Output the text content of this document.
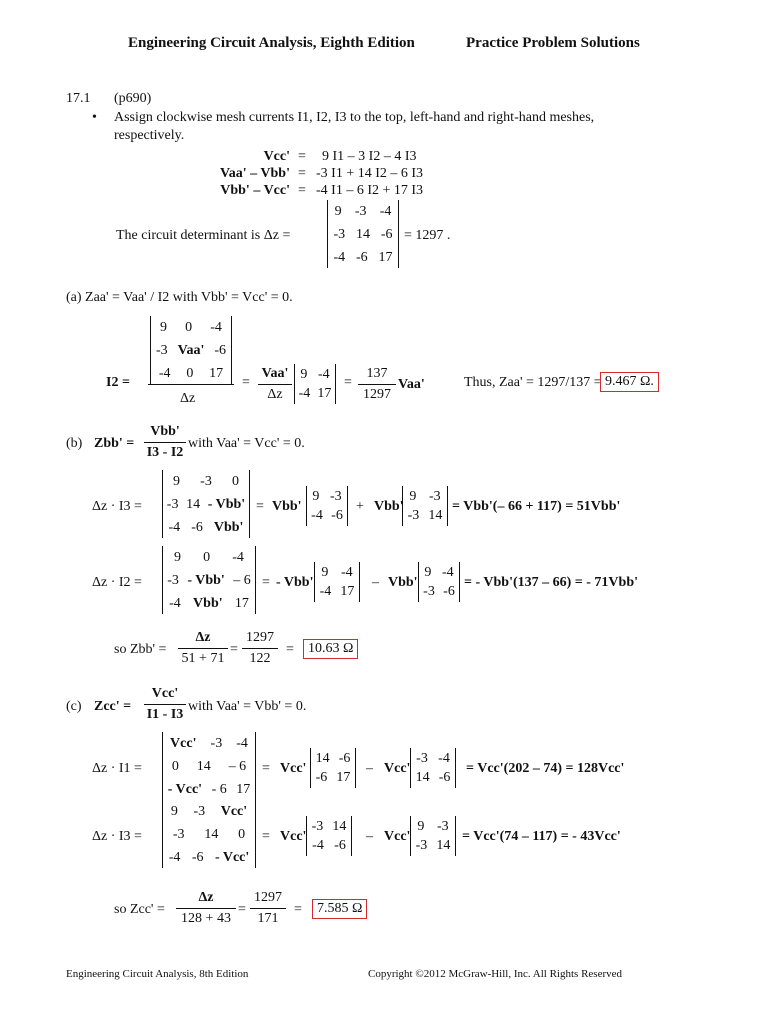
Engineering Circuit Analysis, Eighth Edition	Practice Problem Solutions
17.1 (p690)
• Assign clockwise mesh currents I1, I2, I3 to the top, left-hand and right-hand meshes,
respectively.
Vcc' = 9 I1 – 3 I2 – 4 I3
Vaa' – Vbb' = -3 I1 + 14 I2 – 6 I3
Vbb' – Vcc' = -4 I1 – 6 I2 + 17 I3
The circuit determinant is Δz =
9 -3 -4
-3 14 -6
-4 -6 17
= 1297 .
(a) Zaa' = Vaa' / I2 with Vbb' = Vcc' = 0.
I2 =
9 0 -4
-3 Vaa' -6
-4 0 17
Δz
=
Vaa'
Δz
9 -4
-4 17
= $\frac{137}{1297} Vaa'$	Thus, Zaa' = 1297/137 = 9.467 Ω.
(b) Zbb' =
Vbb'
I3 - I2
with Vaa' = Vcc' = 0.
Δz · I3 =
9 -3 0
-3 14 - Vbb'
-4 -6 Vbb'
= Vbb'
9 -3
-4 -6
+ Vbb'
9 -3
-3 14
= Vbb'(– 66 + 117) = 51Vbb'
Δz · I2 =
9 0 -4
-3 - Vbb' – 6
-4 Vbb' 17
= - Vbb'
9 -4
-4 17
– Vbb'
9 -4
-3 -6
= - Vbb'(137 – 66) = - 71Vbb'
so $Zbb' = \frac{\Delta z}{51 + 71} = \frac{1297}{122}$ =	10.63 Ω
(c) Zcc' =
Vcc'
I1 - I3
with Vaa' = Vbb' = 0.
Δz · I1 =
Vcc' -3 -4
0 14 – 6
- Vcc' - 6 17
= Vcc'
14 -6
-6 17
– Vcc'
-3 -4
14 -6
= Vcc'(202 – 74) = 128Vcc'
Δz · I3 =
9 -3 Vcc'
-3 14 0
-4 -6 - Vcc'
= Vcc'
-3 14
-4 -6
– Vcc'
9 -3
-3 14
= Vcc'(74 – 117) = - 43Vcc'
so $Zcc' = \frac{\Delta z}{128 + 43} = \frac{1297}{171}$ =	7.585 Ω
Engineering Circuit Analysis, 8th Edition	Copyright ©2012 McGraw-Hill, Inc. All Rights Reserved
